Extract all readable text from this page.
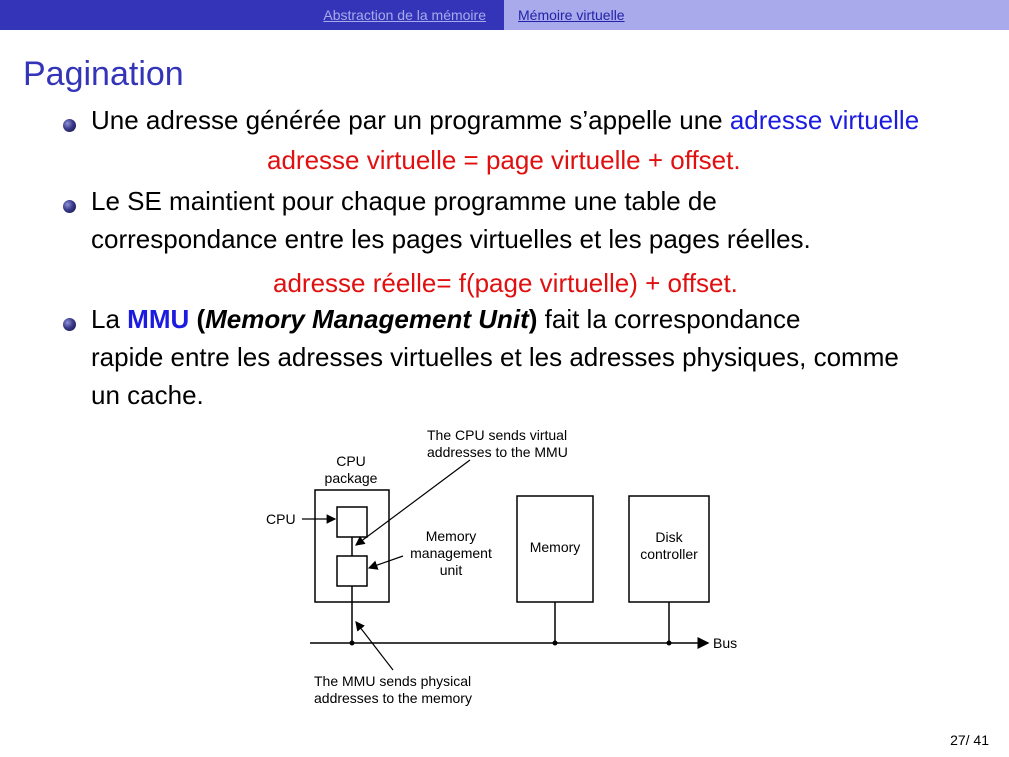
Abstraction de la mémoire	Mémoire virtuelle
Pagination
Une adresse générée par un programme s’appelle une adresse virtuelle
adresse virtuelle = page virtuelle + offset.
Le SE maintient pour chaque programme une table de
correspondance entre les pages virtuelles et les pages réelles.
adresse réelle= f(page virtuelle) + offset.
La MMU (Memory Management Unit) fait la correspondance
rapide entre les adresses virtuelles et les adresses physiques, comme
un cache.
CPU
package
CPU
Memory
Disk
controller
Bus
The CPU sends virtual
addresses to the MMU
Memory
management
unit
The MMU sends physical
addresses to the memory
27/ 41
